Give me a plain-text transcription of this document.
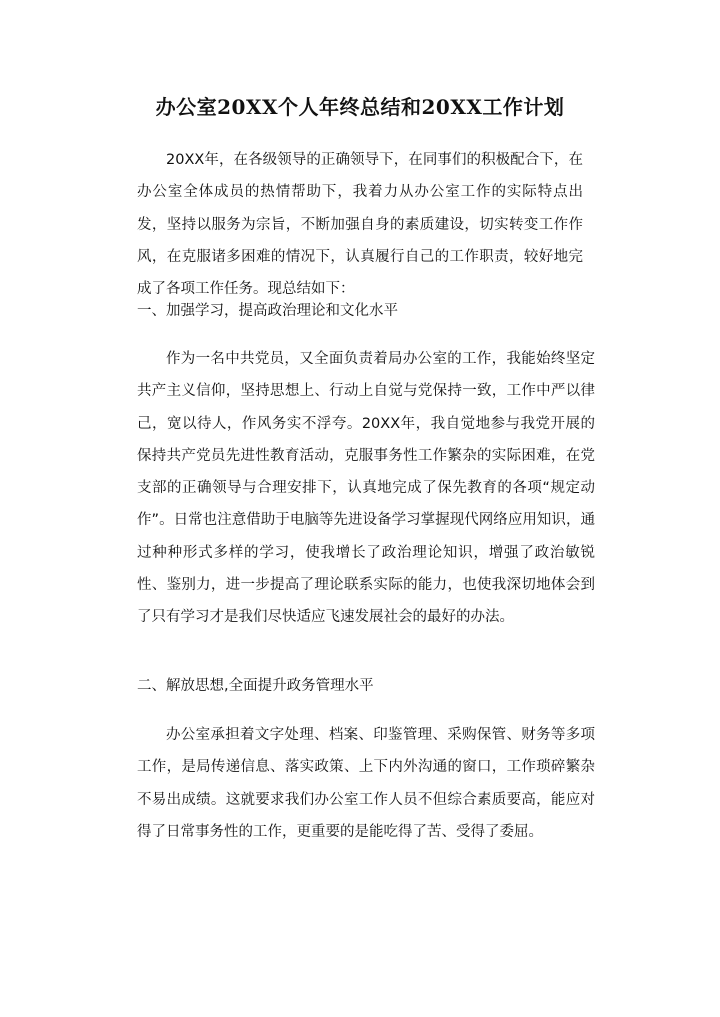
办公室20XX个人年终总结和20XX工作计划

20XX年，在各级领导的正确领导下，在同事们的积极配合下，在办公室全体成员的热情帮助下，我着力从办公室工作的实际特点出发，坚持以服务为宗旨，不断加强自身的素质建设，切实转变工作作风，在克服诸多困难的情况下，认真履行自己的工作职责，较好地完成了各项工作任务。现总结如下：

一、加强学习，提高政治理论和文化水平

作为一名中共党员，又全面负责着局办公室的工作，我能始终坚定共产主义信仰，坚持思想上、行动上自觉与党保持一致，工作中严以律己，宽以待人，作风务实不浮夸。20XX年，我自觉地参与我党开展的保持共产党员先进性教育活动，克服事务性工作繁杂的实际困难，在党支部的正确领导与合理安排下，认真地完成了保先教育的各项“规定动作”。日常也注意借助于电脑等先进设备学习掌握现代网络应用知识，通过种种形式多样的学习，使我增长了政治理论知识，增强了政治敏锐性、鉴别力，进一步提高了理论联系实际的能力，也使我深切地体会到了只有学习才是我们尽快适应飞速发展社会的最好的办法。

二、解放思想,全面提升政务管理水平

办公室承担着文字处理、档案、印鉴管理、采购保管、财务等多项工作，是局传递信息、落实政策、上下内外沟通的窗口，工作琐碎繁杂不易出成绩。这就要求我们办公室工作人员不但综合素质要高，能应对得了日常事务性的工作，更重要的是能吃得了苦、受得了委屈。
